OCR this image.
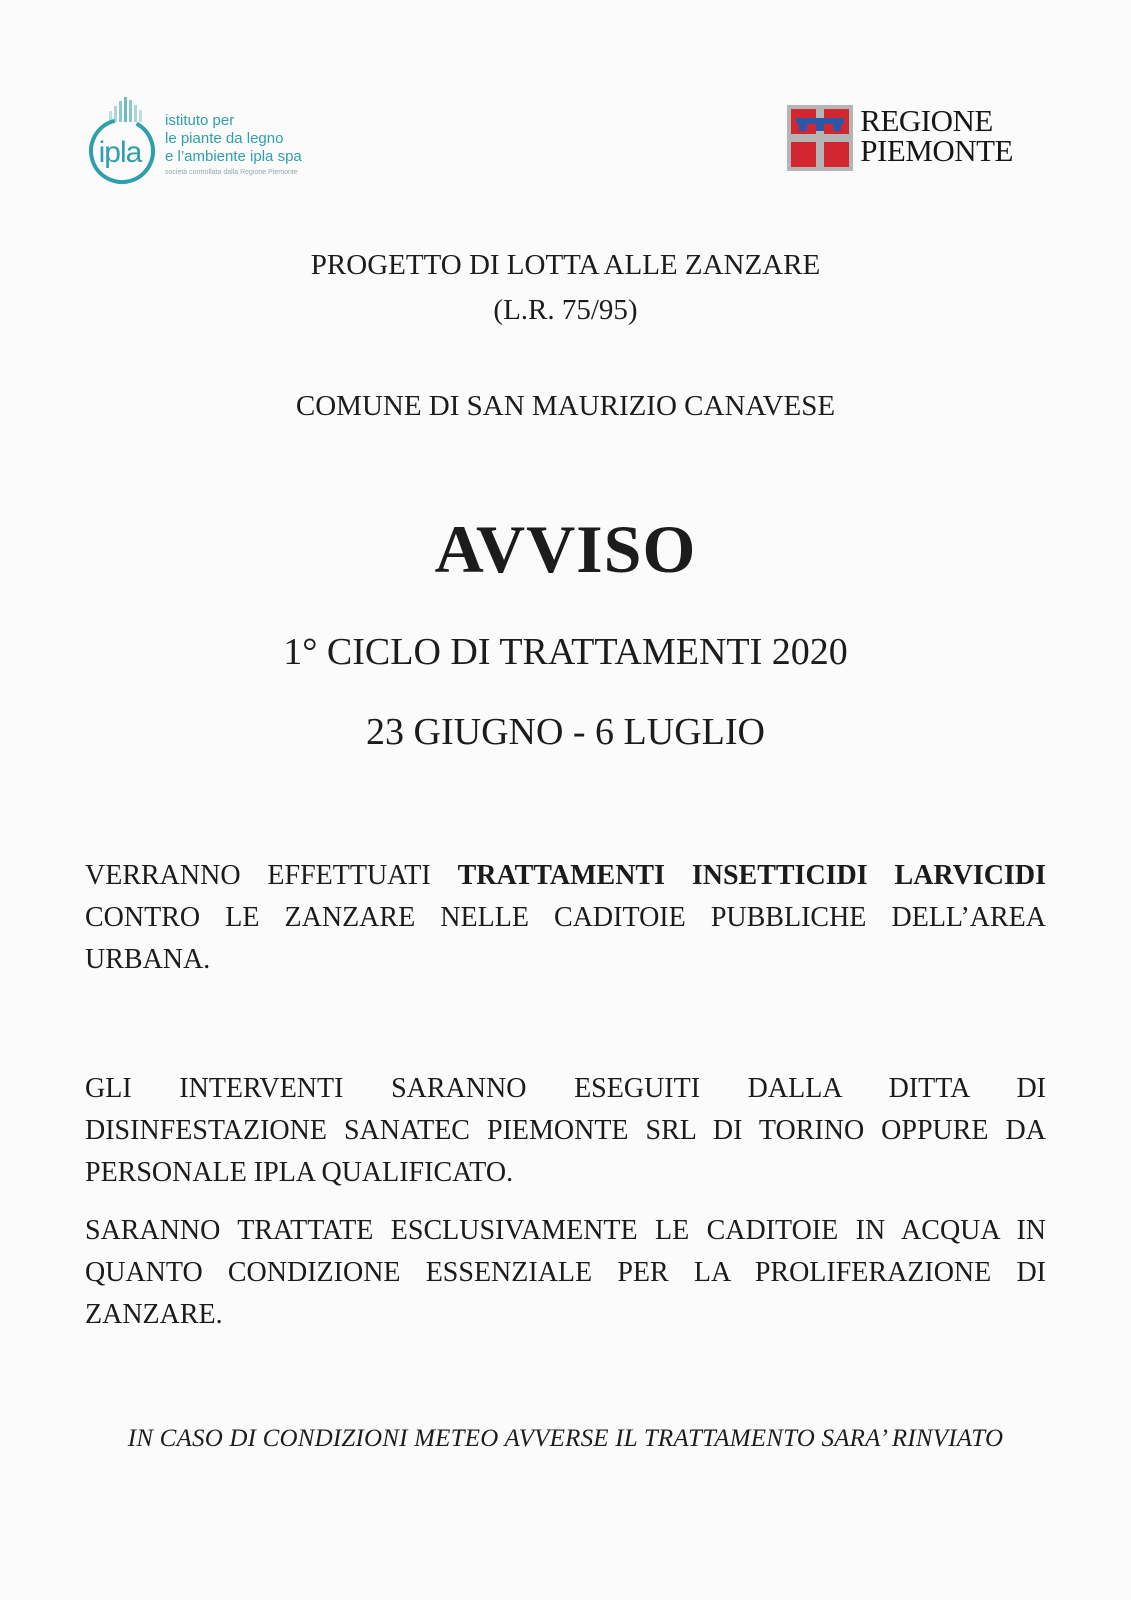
ipla
istituto per
le piante da legno
e l’ambiente ipla spa
società controllata dalla Regione Piemonte
REGIONE
PIEMONTE
PROGETTO DI LOTTA ALLE ZANZARE
(L.R. 75/95)
COMUNE DI SAN MAURIZIO CANAVESE
AVVISO
1° CICLO DI TRATTAMENTI 2020
23 GIUGNO - 6 LUGLIO

VERRANNO EFFETTUATI TRATTAMENTI INSETTICIDI LARVICIDI CONTRO LE ZANZARE NELLE CADITOIE PUBBLICHE DELL’AREA URBANA.

GLI INTERVENTI SARANNO ESEGUITI DALLA DITTA DI DISINFESTAZIONE SANATEC PIEMONTE SRL DI TORINO OPPURE DA PERSONALE IPLA QUALIFICATO.

SARANNO TRATTATE ESCLUSIVAMENTE LE CADITOIE IN ACQUA IN QUANTO CONDIZIONE ESSENZIALE PER LA PROLIFERAZIONE DI ZANZARE.

IN CASO DI CONDIZIONI METEO AVVERSE IL TRATTAMENTO SARA’ RINVIATO
